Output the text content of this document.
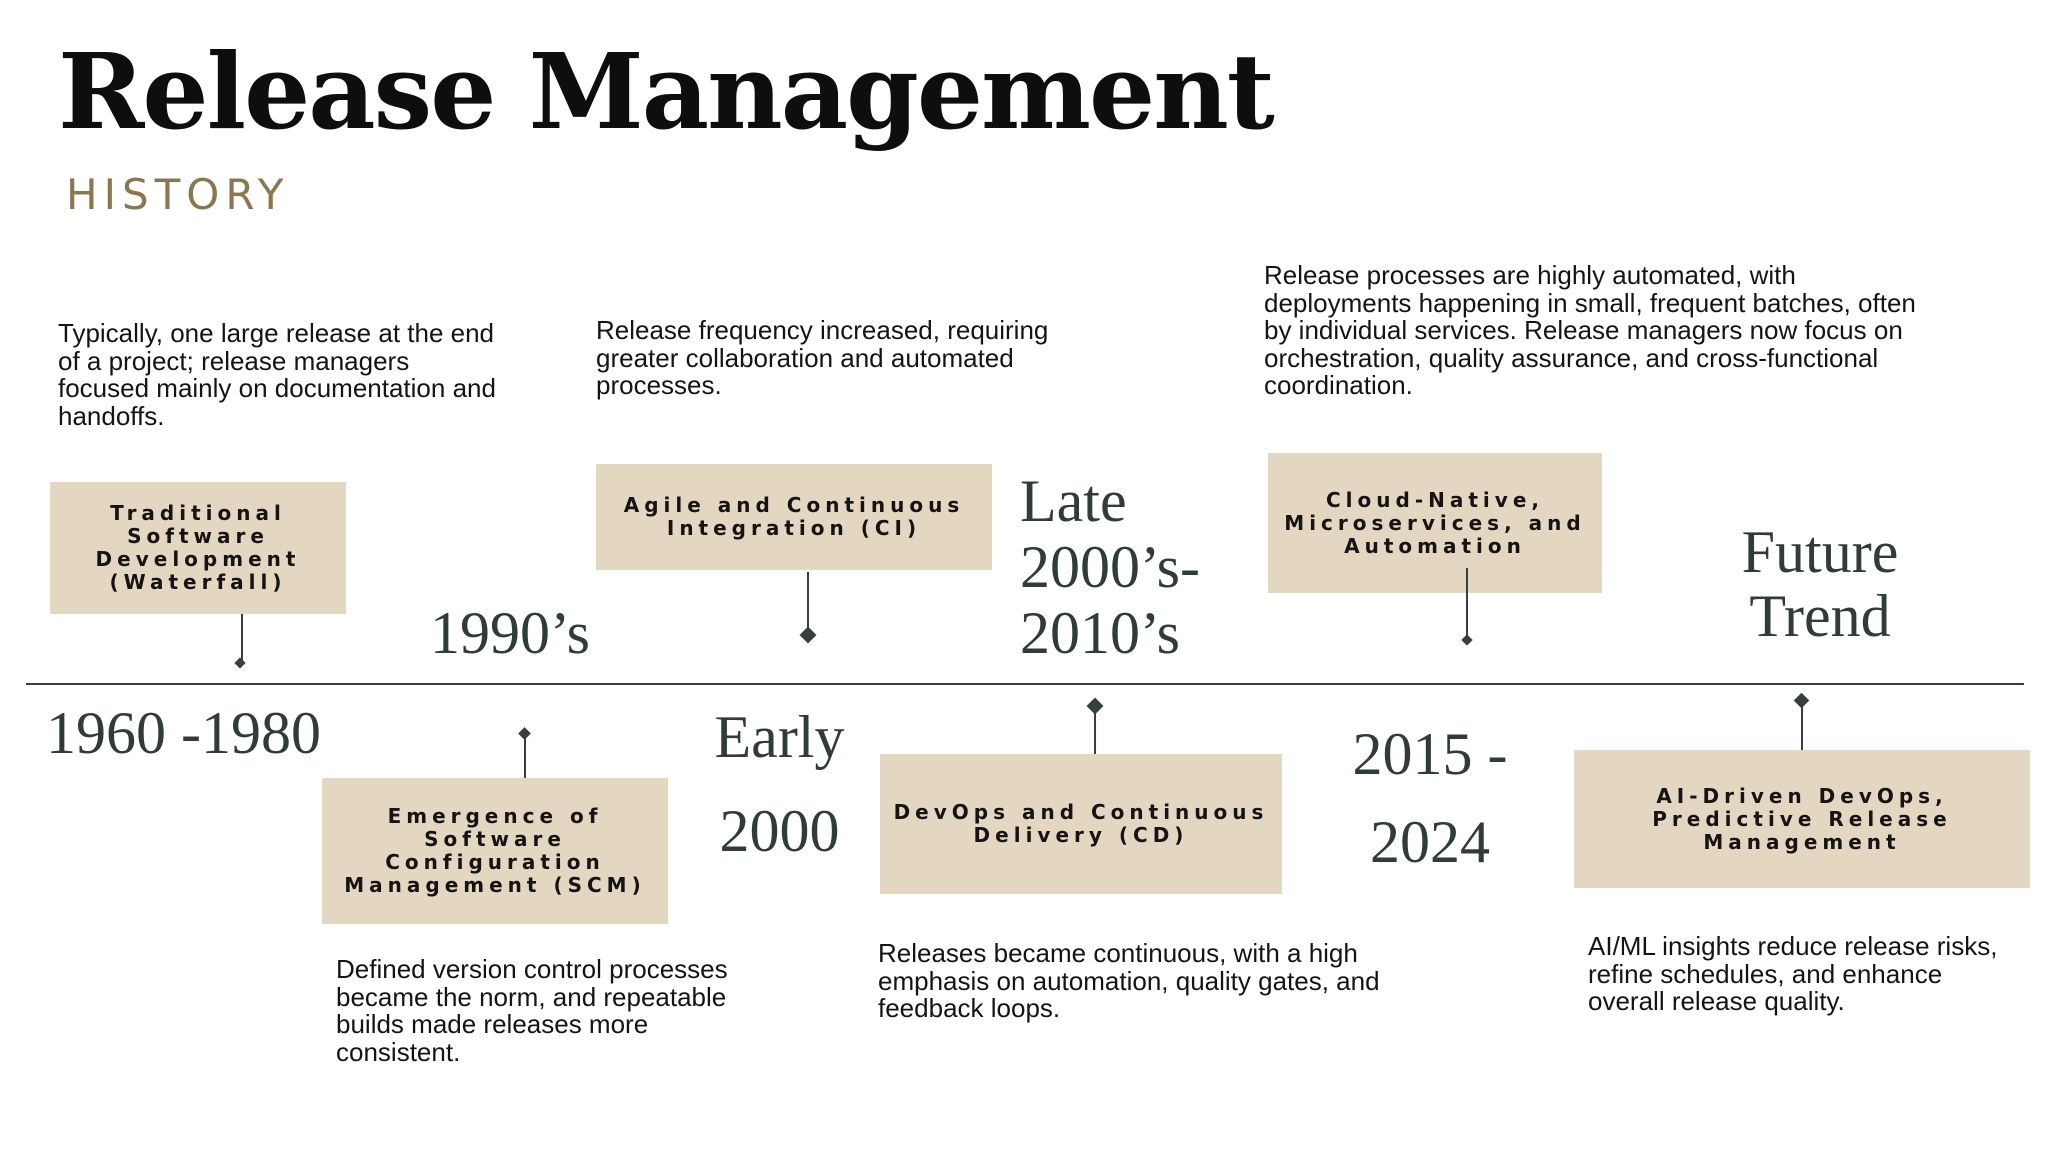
Release Management
HISTORY
Typically, one large release at the end of a project; release managers focused mainly on documentation and handoffs.
Traditional Software Development (Waterfall)
1960 -1980
1990’s
Emergence of Software Configuration Management (SCM)
Defined version control processes became the norm, and repeatable builds made releases more consistent.
Release frequency increased, requiring greater collaboration and automated processes.
Agile and Continuous Integration (CI)
Early 2000
Late 2000’s-2010’s
DevOps and Continuous Delivery (CD)
Releases became continuous, with a high emphasis on automation, quality gates, and feedback loops.
Release processes are highly automated, with deployments happening in small, frequent batches, often by individual services. Release managers now focus on orchestration, quality assurance, and cross-functional coordination.
Cloud-Native, Microservices, and Automation
2015 - 2024
Future Trend
AI-Driven DevOps, Predictive Release Management
AI/ML insights reduce release risks, refine schedules, and enhance overall release quality.
